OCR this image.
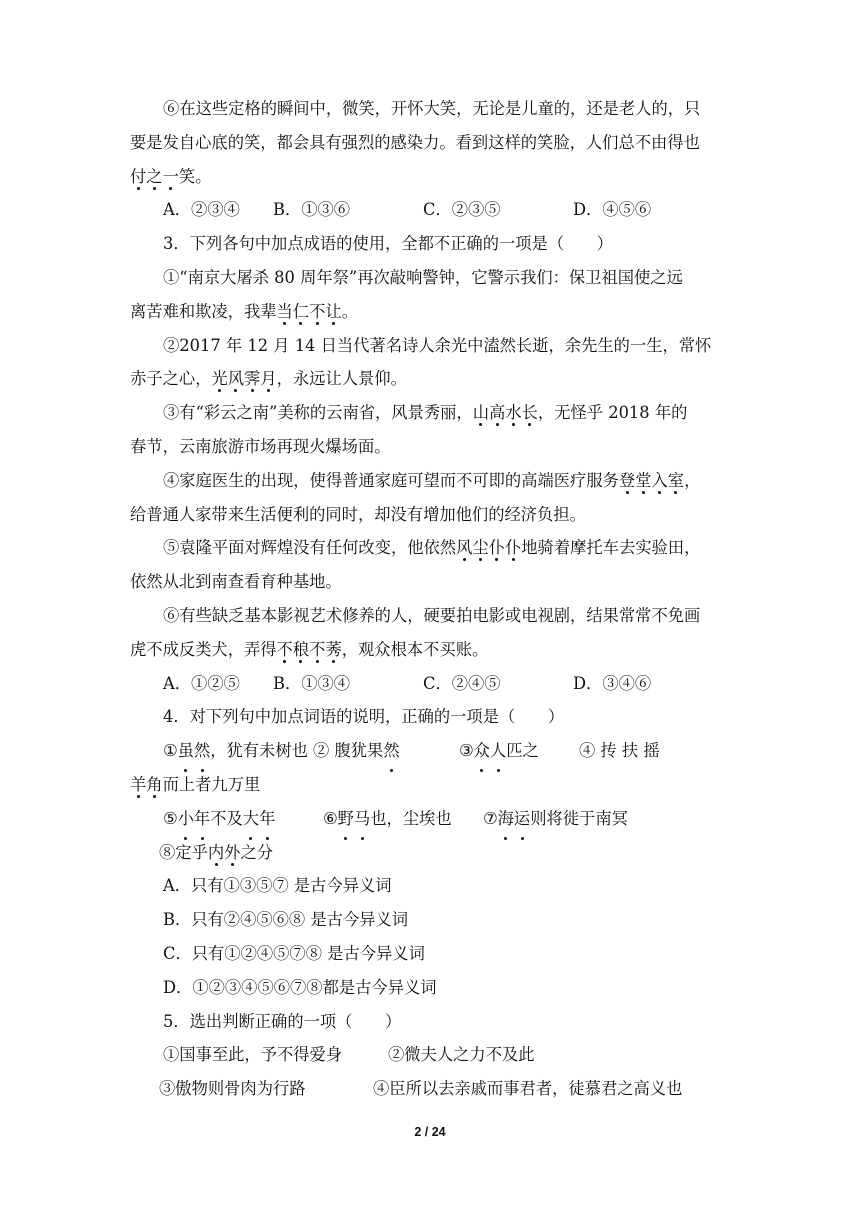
⑥在这些定格的瞬间中，微笑，开怀大笑，无论是儿童的，还是老人的，只
要是发自心底的笑，都会具有强烈的感染力。看到这样的笑脸，人们总不由得也
付之一笑。
A．②③④ B．①③⑥	C．②③⑤	D．④⑤⑥
3．下列各句中加点成语的使用，全都不正确的一项是（　　）
①“南京大屠杀 80 周年祭”再次敲响警钟，它警示我们：保卫祖国使之远
离苦难和欺凌，我辈当仁不让。
②2017 年 12 月 14 日当代著名诗人余光中溘然长逝，余先生的一生，常怀
赤子之心，光风霁月，永远让人景仰。
③有“彩云之南”美称的云南省，风景秀丽，山高水长，无怪乎 2018 年的
春节，云南旅游市场再现火爆场面。
④家庭医生的出现，使得普通家庭可望而不可即的高端医疗服务登堂入室，
给普通人家带来生活便利的同时，却没有增加他们的经济负担。
⑤袁隆平面对辉煌没有任何改变，他依然风尘仆仆地骑着摩托车去实验田，
依然从北到南查看育种基地。
⑥有些缺乏基本影视艺术修养的人，硬要拍电影或电视剧，结果常常不免画
虎不成反类犬，弄得不稂不莠，观众根本不买账。
A．①②⑤ B．①③④	C．②④⑤	D．③④⑥
4．对下列句中加点词语的说明，正确的一项是（　　）
①虽然，犹有未树也 ② 腹犹果然	③众人匹之 ④ 抟 扶 摇
羊角而上者九万里
⑤小年不及大年	⑥野马也，尘埃也 ⑦海运则将徙于南冥
⑧定乎内外之分
A．只有①③⑤⑦ 是古今异义词
B．只有②④⑤⑥⑧ 是古今异义词
C．只有①②④⑤⑦⑧ 是古今异义词
D．①②③④⑤⑥⑦⑧都是古今异义词
5．选出判断正确的一项（　　）
①国事至此，予不得爱身	②微夫人之力不及此
③傲物则骨肉为行路	④臣所以去亲戚而事君者，徒慕君之高义也
2 / 24
